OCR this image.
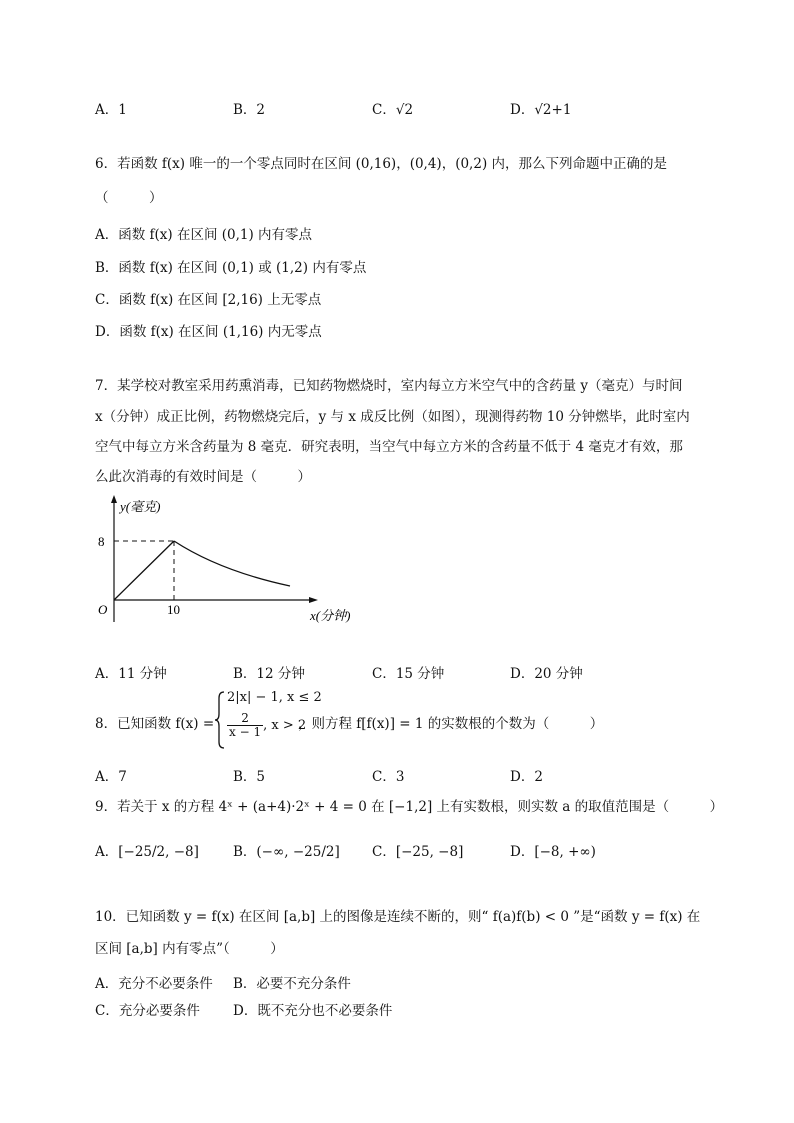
A．1	B．2	C．√2	D．√2+1
6．若函数 f(x) 唯一的一个零点同时在区间 (0,16)，(0,4)，(0,2) 内，那么下列命题中正确的是
（　　　）
A．函数 f(x) 在区间 (0,1) 内有零点
B．函数 f(x) 在区间 (0,1) 或 (1,2) 内有零点
C．函数 f(x) 在区间 [2,16) 上无零点
D．函数 f(x) 在区间 (1,16) 内无零点
7．某学校对教室采用药熏消毒，已知药物燃烧时，室内每立方米空气中的含药量 y（毫克）与时间
x（分钟）成正比例，药物燃烧完后，y 与 x 成反比例（如图），现测得药物 10 分钟燃毕，此时室内
空气中每立方米含药量为 8 毫克．研究表明，当空气中每立方米的含药量不低于 4 毫克才有效，那
么此次消毒的有效时间是（　　　）
y(毫克)
8
10
O	x(分钟)
A．11 分钟	B．12 分钟	C．15 分钟	D．20 分钟
8．已知函数 f(x) =
2|x| − 1, x ≤ 2
$\frac{2}{x - 1}$ , x > 2
，则方程 f[f(x)] = 1 的实数根的个数为（　　　）
A．7	B．5	C．3	D．2
9．若关于 x 的方程 4ˣ + (a+4)·2ˣ + 4 = 0 在 [−1,2] 上有实数根，则实数 a 的取值范围是（　　　）
A．[−25/2, −8]	B．(−∞, −25/2] C．[−25, −8]	D．[−8, +∞)
10．已知函数 y = f(x) 在区间 [a,b] 上的图像是连续不断的，则“ f(a)f(b) < 0 ”是“函数 y = f(x) 在
区间 [a,b] 内有零点”（　　　）
A．充分不必要条件 B．必要不充分条件
C．充分必要条件 D．既不充分也不必要条件
